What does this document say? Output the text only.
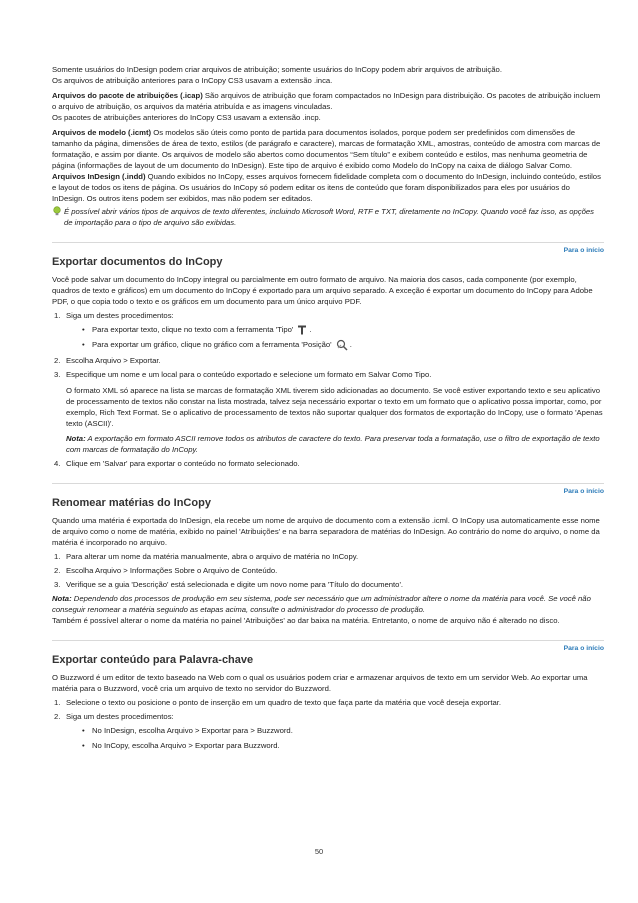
Somente usuários do InDesign podem criar arquivos de atribuição; somente usuários do InCopy podem abrir arquivos de atribuição.

Os arquivos de atribuição anteriores para o InCopy CS3 usavam a extensão .inca.

Arquivos do pacote de atribuições (.icap) São arquivos de atribuição que foram compactados no InDesign para distribuição. Os pacotes de atribuição incluem o arquivo de atribuição, os arquivos da matéria atribuída e as imagens vinculadas.

Os pacotes de atribuições anteriores do InCopy CS3 usavam a extensão .incp.

Arquivos de modelo (.icmt) Os modelos são úteis como ponto de partida para documentos isolados, porque podem ser predefinidos com dimensões de tamanho da página, dimensões de área de texto, estilos (de parágrafo e caractere), marcas de formatação XML, amostras, conteúdo de amostra com marcas de formatação, e assim por diante. Os arquivos de modelo são abertos como documentos “Sem título” e exibem conteúdo e estilos, mas nenhuma geometria de página (informações de layout de um documento do InDesign). Este tipo de arquivo é exibido como Modelo do InCopy na caixa de diálogo Salvar Como.

Arquivos InDesign (.indd) Quando exibidos no InCopy, esses arquivos fornecem fidelidade completa com o documento do InDesign, incluindo conteúdo, estilos e layout de todos os itens de página. Os usuários do InCopy só podem editar os itens de conteúdo que foram disponibilizados para eles por usuários do InDesign. Os outros itens podem ser exibidos, mas não podem ser editados.

É possível abrir vários tipos de arquivos de texto diferentes, incluindo Microsoft Word, RTF e TXT, diretamente no InCopy. Quando você faz isso, as opções de importação para o tipo de arquivo são exibidas.

Para o início
Exportar documentos do InCopy

Você pode salvar um documento do InCopy integral ou parcialmente em outro formato de arquivo. Na maioria dos casos, cada componente (por exemplo, quadros de texto e gráficos) em um documento do InCopy é exportado para um arquivo separado. A exceção é exportar um documento do InCopy para Adobe PDF, o que copia todo o texto e os gráficos em um documento para um único arquivo PDF.

1. Siga um destes procedimentos:
• Para exportar texto, clique no texto com a ferramenta 'Tipo' .
• Para exportar um gráfico, clique no gráfico com a ferramenta 'Posição' .
2. Escolha Arquivo > Exportar.
3. Especifique um nome e um local para o conteúdo exportado e selecione um formato em Salvar Como Tipo.

O formato XML só aparece na lista se marcas de formatação XML tiverem sido adicionadas ao documento. Se você estiver exportando texto e seu aplicativo de processamento de textos não constar na lista mostrada, talvez seja necessário exportar o texto em um formato que o aplicativo possa importar, como, por exemplo, Rich Text Format. Se o aplicativo de processamento de textos não suportar qualquer dos formatos de exportação do InCopy, use o formato 'Apenas texto (ASCII)'.

Nota: A exportação em formato ASCII remove todos os atributos de caractere do texto. Para preservar toda a formatação, use o filtro de exportação de texto com marcas de formatação do InCopy.

4. Clique em 'Salvar' para exportar o conteúdo no formato selecionado.
Para o início
Renomear matérias do InCopy

Quando uma matéria é exportada do InDesign, ela recebe um nome de arquivo de documento com a extensão .icml. O InCopy usa automaticamente esse nome de arquivo como o nome de matéria, exibido no painel 'Atribuições' e na barra separadora de matérias do InDesign. Ao contrário do nome do arquivo, o nome da matéria é incorporado no arquivo.

1. Para alterar um nome da matéria manualmente, abra o arquivo de matéria no InCopy.
2. Escolha Arquivo > Informações Sobre o Arquivo de Conteúdo.
3. Verifique se a guia 'Descrição' está selecionada e digite um novo nome para 'Título do documento'.

Nota: Dependendo dos processos de produção em seu sistema, pode ser necessário que um administrador altere o nome da matéria para você. Se você não conseguir renomear a matéria seguindo as etapas acima, consulte o administrador do processo de produção.

Também é possível alterar o nome da matéria no painel 'Atribuições' ao dar baixa na matéria. Entretanto, o nome de arquivo não é alterado no disco.

Para o início
Exportar conteúdo para Palavra-chave

O Buzzword é um editor de texto baseado na Web com o qual os usuários podem criar e armazenar arquivos de texto em um servidor Web. Ao exportar uma matéria para o Buzzword, você cria um arquivo de texto no servidor do Buzzword.

1. Selecione o texto ou posicione o ponto de inserção em um quadro de texto que faça parte da matéria que você deseja exportar.
2. Siga um destes procedimentos:
• No InDesign, escolha Arquivo > Exportar para > Buzzword.
• No InCopy, escolha Arquivo > Exportar para Buzzword.
50
